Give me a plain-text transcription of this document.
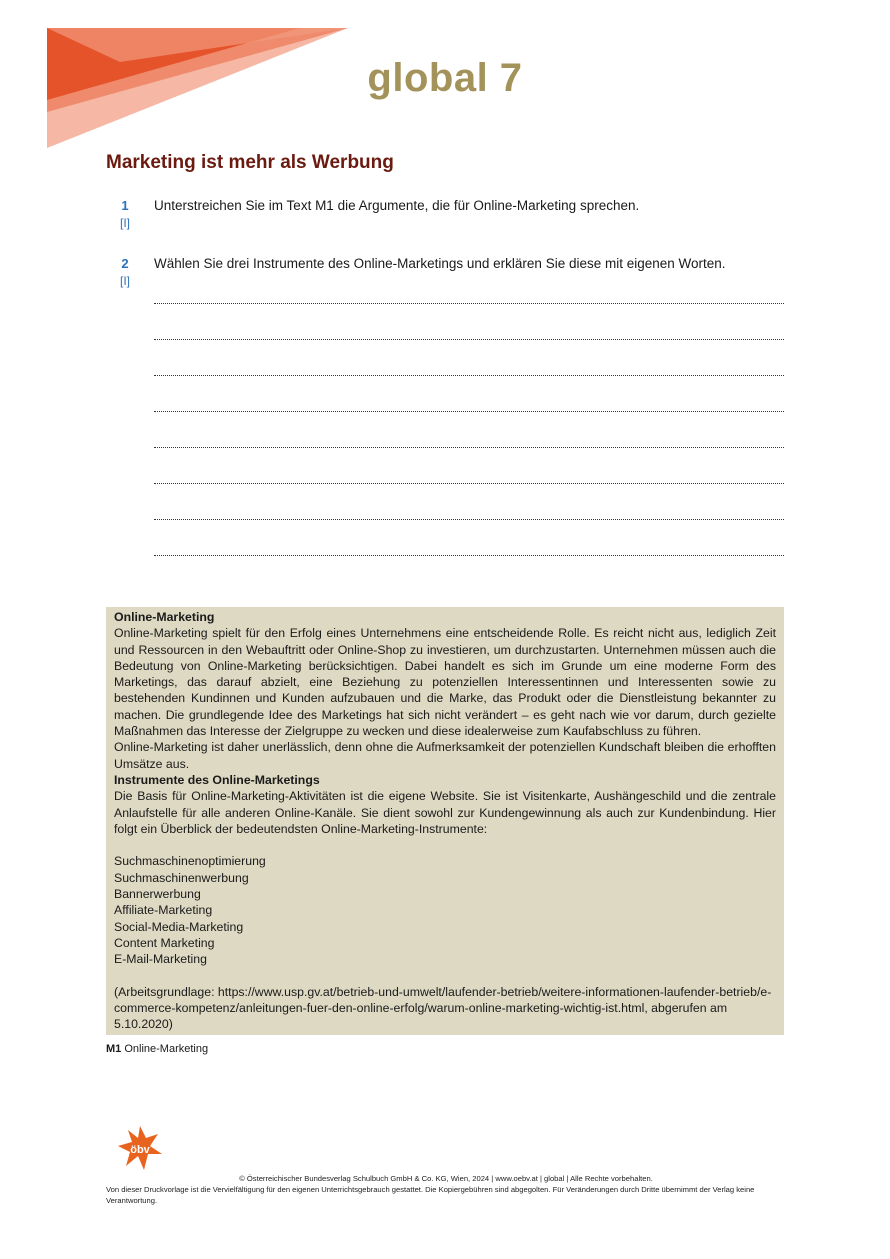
global 7
Marketing ist mehr als Werbung
1
[I]
Unterstreichen Sie im Text M1 die Argumente, die für Online-Marketing sprechen.
2
[I]
Wählen Sie drei Instrumente des Online-Marketings und erklären Sie diese mit eigenen Worten.

Online-Marketing

Online-Marketing spielt für den Erfolg eines Unternehmens eine entscheidende Rolle. Es reicht nicht aus, lediglich Zeit und Ressourcen in den Webauftritt oder Online-Shop zu investieren, um durchzustarten. Unternehmen müssen auch die Bedeutung von Online-Marketing berücksichtigen. Dabei handelt es sich im Grunde um eine moderne Form des Marketings, das darauf abzielt, eine Beziehung zu potenziellen Interessentinnen und Interessenten sowie zu bestehenden Kundinnen und Kunden aufzubauen und die Marke, das Produkt oder die Dienstleistung bekannter zu machen. Die grundlegende Idee des Marketings hat sich nicht verändert – es geht nach wie vor darum, durch gezielte Maßnahmen das Interesse der Zielgruppe zu wecken und diese idealerweise zum Kaufabschluss zu führen.

Online-Marketing ist daher unerlässlich, denn ohne die Aufmerksamkeit der potenziellen Kundschaft bleiben die erhofften Umsätze aus.

Instrumente des Online-Marketings

Die Basis für Online-Marketing-Aktivitäten ist die eigene Website. Sie ist Visitenkarte, Aushängeschild und die zentrale Anlaufstelle für alle anderen Online-Kanäle. Sie dient sowohl zur Kundengewinnung als auch zur Kundenbindung. Hier folgt ein Überblick der bedeutendsten Online-Marketing-Instrumente:

Suchmaschinenoptimierung
Suchmaschinenwerbung
Bannerwerbung
Affiliate-Marketing
Social-Media-Marketing
Content Marketing
E-Mail-Marketing

(Arbeitsgrundlage: https://www.usp.gv.at/betrieb-und-umwelt/laufender-betrieb/weitere-informationen-laufender-betrieb/e-commerce-kompetenz/anleitungen-fuer-den-online-erfolg/warum-online-marketing-wichtig-ist.html, abgerufen am 5.10.2020)

M1 Online-Marketing
öbv
© Österreichischer Bundesverlag Schulbuch GmbH & Co. KG, Wien, 2024 | www.oebv.at | global | Alle Rechte vorbehalten.
Von dieser Druckvorlage ist die Vervielfältigung für den eigenen Unterrichtsgebrauch gestattet. Die Kopiergebühren sind abgegolten. Für Veränderungen durch Dritte übernimmt der Verlag keine Verantwortung.
